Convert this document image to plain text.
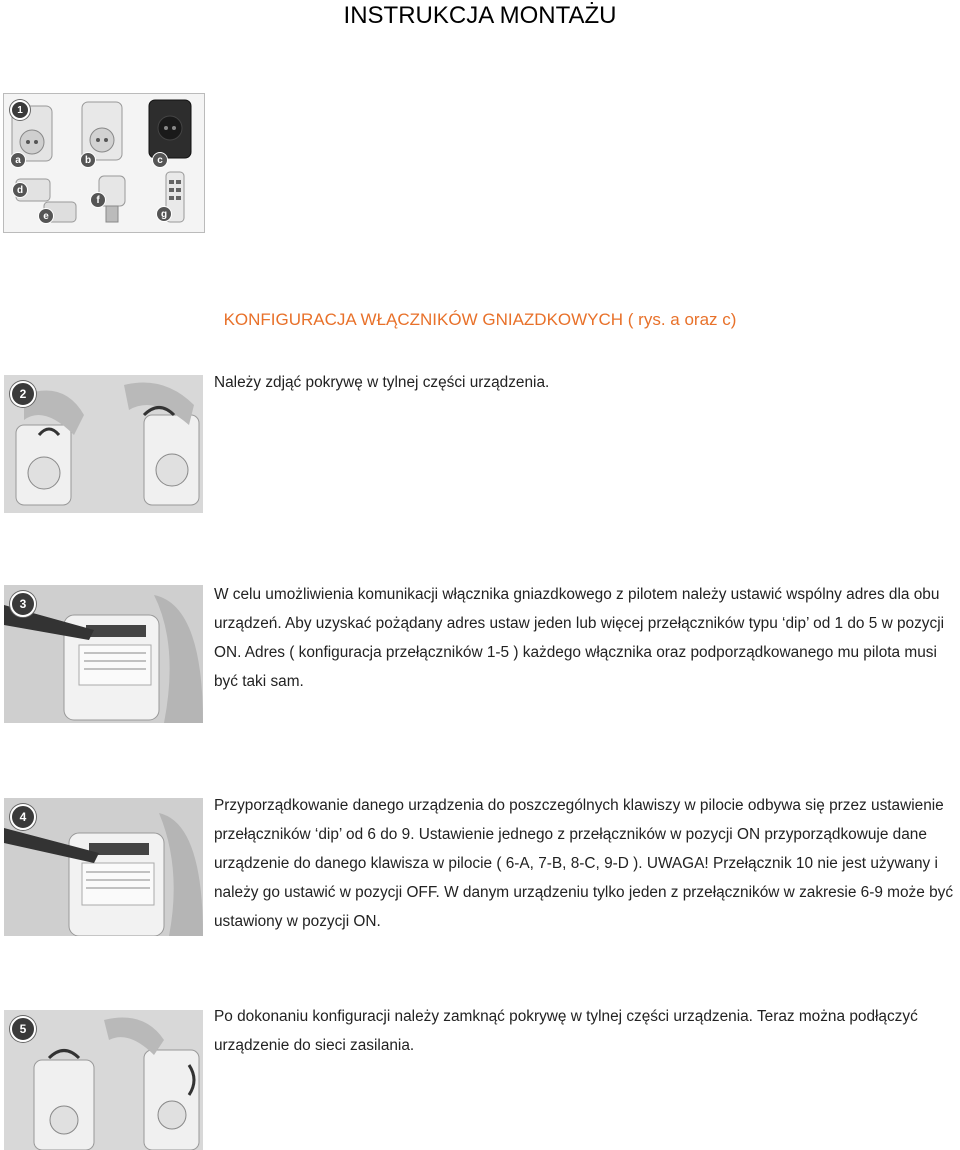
INSTRUKCJA MONTAŻU
1
a	b	c
d
e
f
g
KONFIGURACJA WŁĄCZNIKÓW GNIAZDKOWYCH ( rys. a oraz c)
2
Należy zdjąć pokrywę w tylnej części urządzenia.
3
W celu umożliwienia komunikacji włącznika gniazdkowego z pilotem należy ustawić wspólny adres dla obu urządzeń. Aby uzyskać pożądany adres ustaw jeden lub więcej przełączników typu ‘dip’ od 1 do 5 w pozycji ON. Adres ( konfiguracja przełączników 1-5 ) każdego włącznika oraz podporządkowanego mu pilota musi być taki sam.
4
Przyporządkowanie danego urządzenia do poszczególnych klawiszy w pilocie odbywa się przez ustawienie przełączników ‘dip’ od 6 do 9. Ustawienie jednego z przełączników w pozycji ON przyporządkowuje dane urządzenie do danego klawisza w pilocie ( 6-A, 7-B, 8-C, 9-D ). UWAGA! Przełącznik 10 nie jest używany i należy go ustawić w pozycji OFF. W danym urządzeniu tylko jeden z przełączników w zakresie 6-9 może być ustawiony w pozycji ON.
5
Po dokonaniu konfiguracji należy zamknąć pokrywę w tylnej części urządzenia. Teraz można podłączyć urządzenie do sieci zasilania.
